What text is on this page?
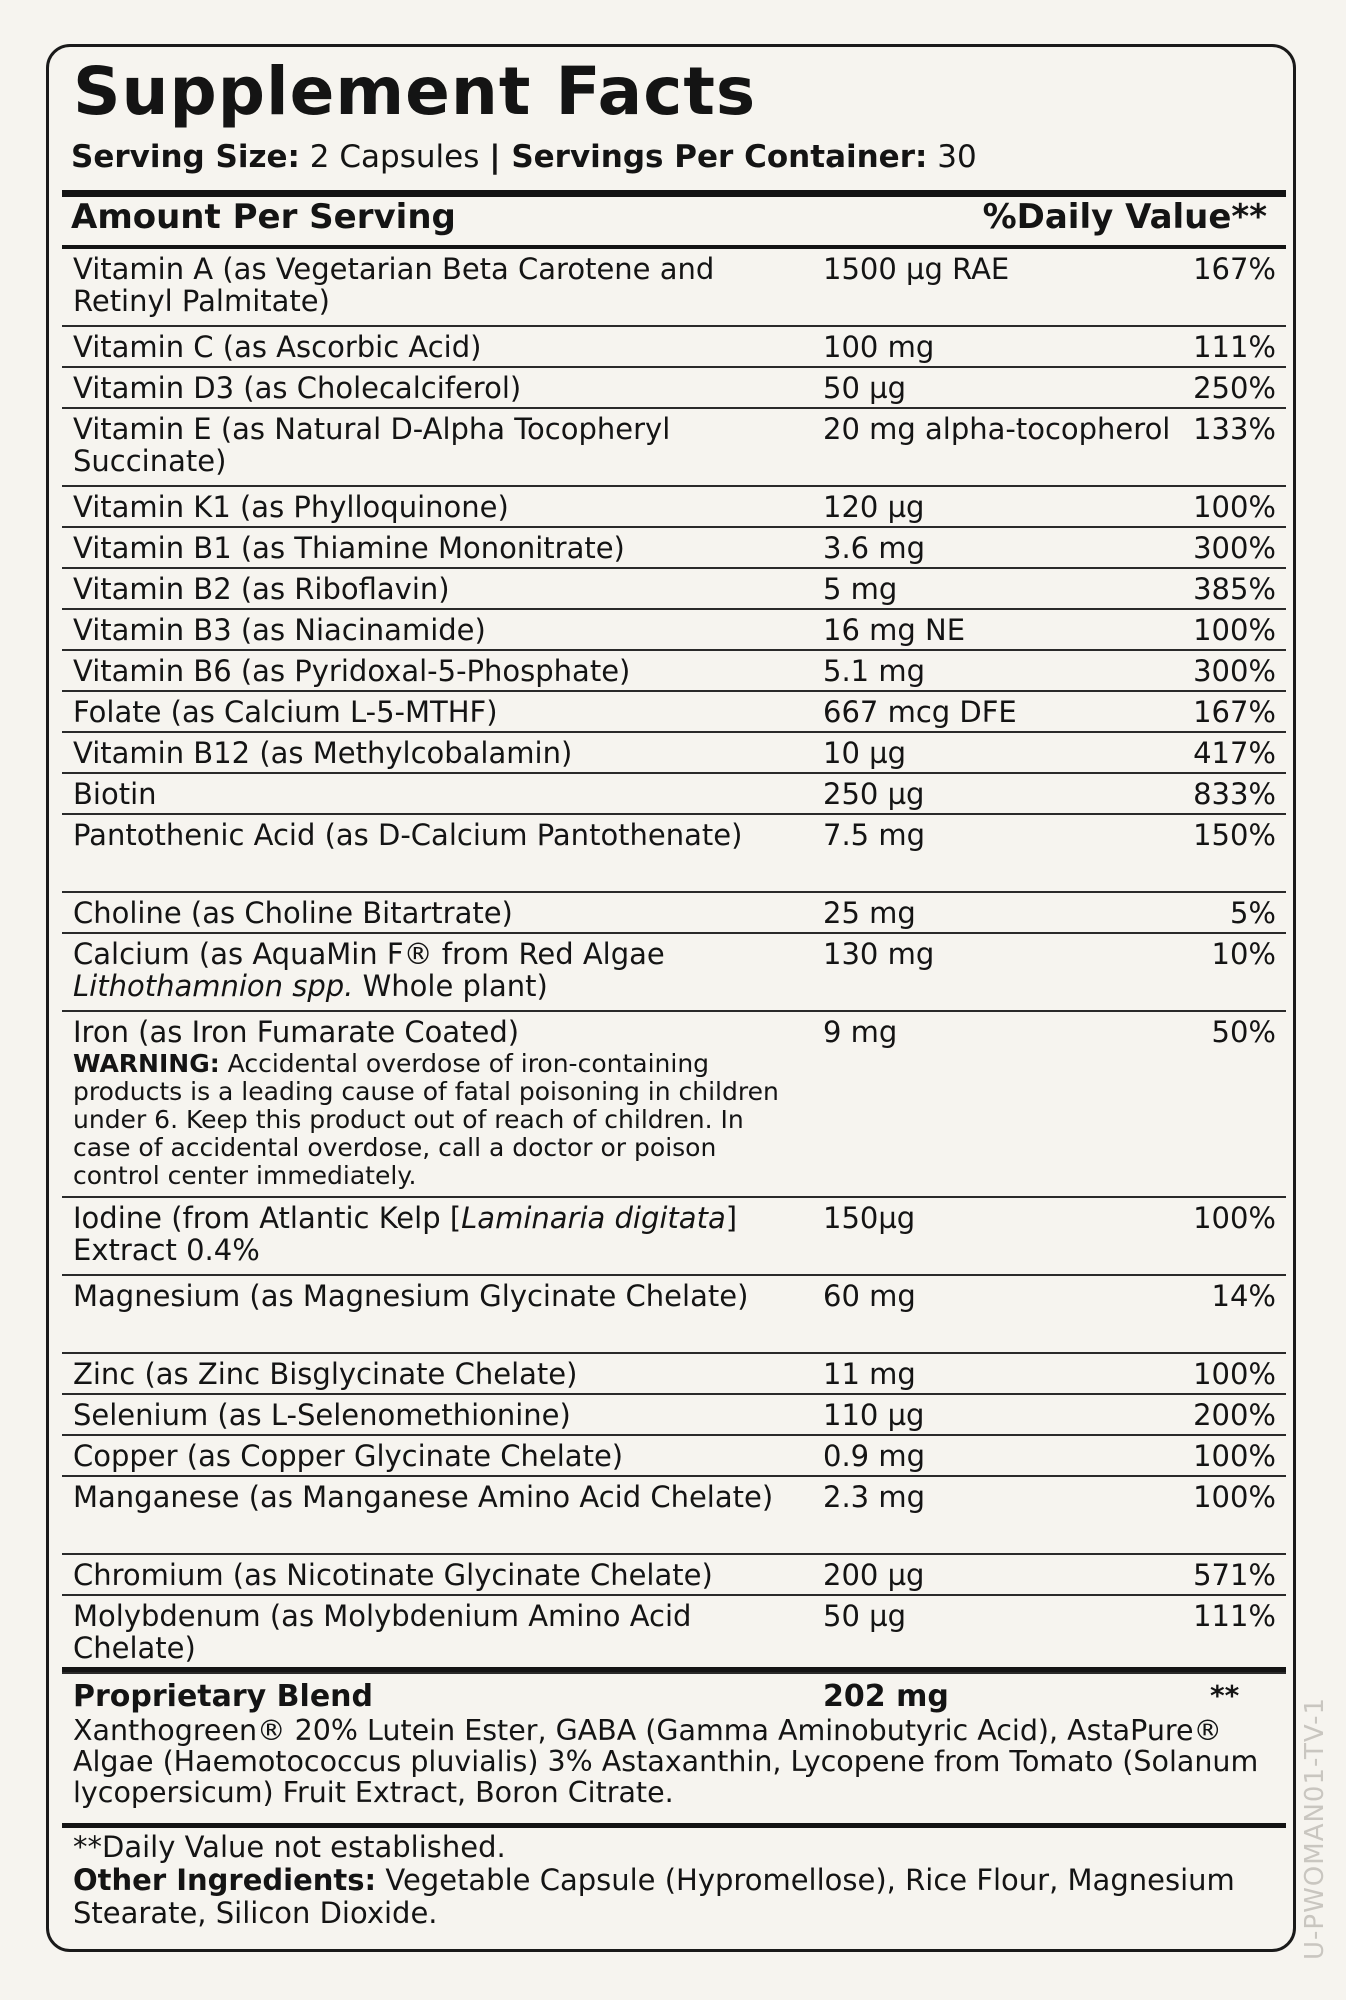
Supplement Facts
Serving Size: 2 Capsules | Servings Per Container: 30
Amount Per Serving	%Daily Value**
Vitamin A (as Vegetarian Beta Carotene and Retinyl Palmitate)
1500 µg RAE	167%
Vitamin C (as Ascorbic Acid)	100 mg	111%
Vitamin D3 (as Cholecalciferol)	50 µg	250%
Vitamin E (as Natural D-Alpha Tocopheryl Succinate)
20 mg alpha-tocopherol 133%
Vitamin K1 (as Phylloquinone)	120 µg	100%
Vitamin B1 (as Thiamine Mononitrate)	3.6 mg	300%
Vitamin B2 (as Riboflavin)	5 mg	385%
Vitamin B3 (as Niacinamide)	16 mg NE	100%
Vitamin B6 (as Pyridoxal-5-Phosphate)	5.1 mg	300%
Folate (as Calcium L-5-MTHF)	667 mcg DFE	167%
Vitamin B12 (as Methylcobalamin)	10 µg	417%
Biotin	250 µg	833%
Pantothenic Acid (as D-Calcium Pantothenate)	7.5 mg	150%
Choline (as Choline Bitartrate)	25 mg	5%
Calcium (as AquaMin F® from Red Algae Lithothamnion spp. Whole plant)
130 mg	10%
Iron (as Iron Fumarate Coated)
WARNING: Accidental overdose of iron-containing products is a leading cause of fatal poisoning in children under 6. Keep this product out of reach of children. In case of accidental overdose, call a doctor or poison control center immediately.
9 mg	50%
Iodine (from Atlantic Kelp [Laminaria digitata] Extract 0.4%
150µg	100%
Magnesium (as Magnesium Glycinate Chelate)	60 mg	14%
Zinc (as Zinc Bisglycinate Chelate)	11 mg	100%
Selenium (as L-Selenomethionine)	110 µg	200%
Copper (as Copper Glycinate Chelate)	0.9 mg	100%
Manganese (as Manganese Amino Acid Chelate)	2.3 mg	100%
Chromium (as Nicotinate Glycinate Chelate)	200 µg	571%
Molybdenum (as Molybdenium Amino Acid Chelate)
50 µg	111%
Proprietary Blend	202 mg	**
Xanthogreen® 20% Lutein Ester, GABA (Gamma Aminobutyric Acid), AstaPure® Algae (Haemotococcus pluvialis) 3% Astaxanthin, Lycopene from Tomato (Solanum lycopersicum) Fruit Extract, Boron Citrate.
**Daily Value not established.
Other Ingredients: Vegetable Capsule (Hypromellose), Rice Flour, Magnesium Stearate, Silicon Dioxide.	U-PWOMAN01-TV-1
